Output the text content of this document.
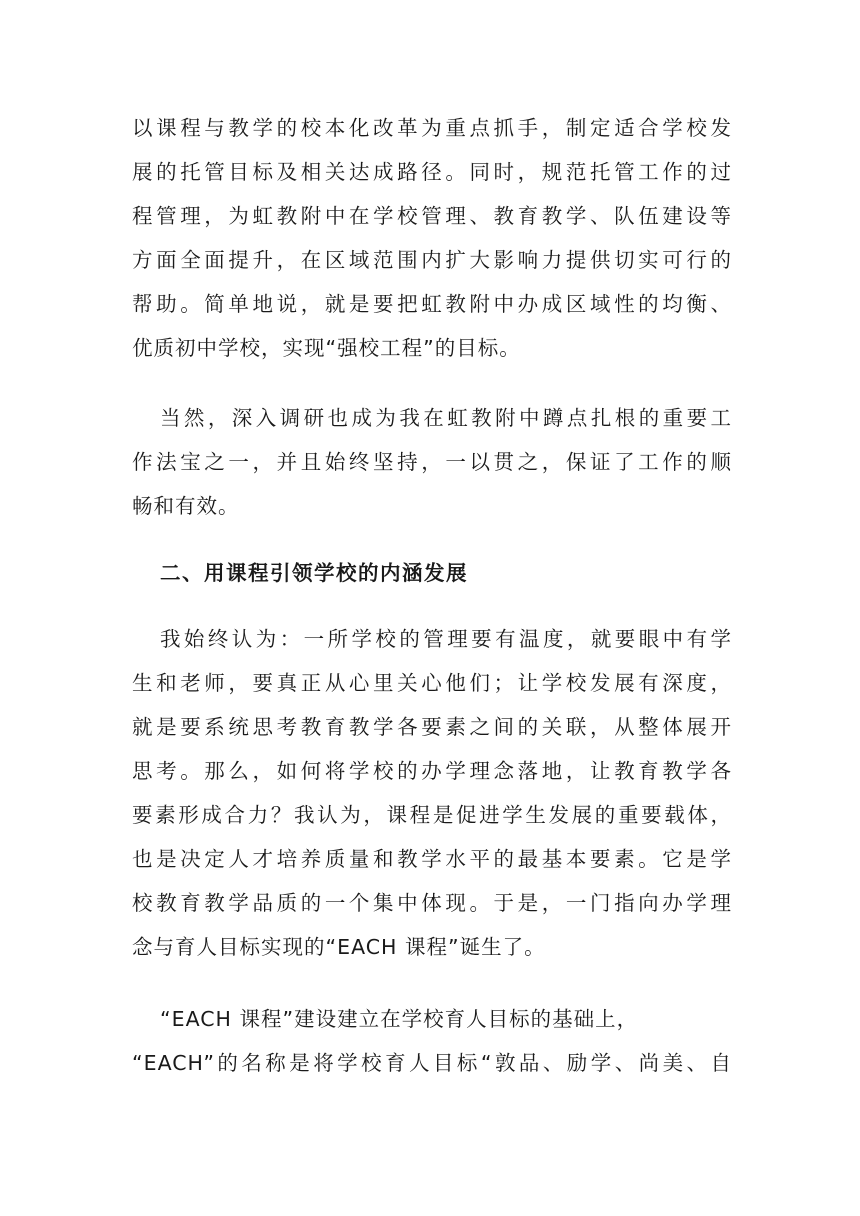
以课程与教学的校本化改革为重点抓手，制定适合学校发
展的托管目标及相关达成路径。同时，规范托管工作的过
程管理，为虹教附中在学校管理、教育教学、队伍建设等
方面全面提升，在区域范围内扩大影响力提供切实可行的
帮助。简单地说，就是要把虹教附中办成区域性的均衡、
优质初中学校，实现“强校工程”的目标。
当然，深入调研也成为我在虹教附中蹲点扎根的重要工
作法宝之一，并且始终坚持，一以贯之，保证了工作的顺
畅和有效。
二、用课程引领学校的内涵发展
我始终认为：一所学校的管理要有温度，就要眼中有学
生和老师，要真正从心里关心他们；让学校发展有深度，
就是要系统思考教育教学各要素之间的关联，从整体展开
思考。那么，如何将学校的办学理念落地，让教育教学各
要素形成合力？我认为，课程是促进学生发展的重要载体，
也是决定人才培养质量和教学水平的最基本要素。它是学
校教育教学品质的一个集中体现。于是，一门指向办学理
念与育人目标实现的“EACH 课程”诞生了。
“EACH 课程”建设建立在学校育人目标的基础上，
“EACH”的名称是将学校育人目标“敦品、励学、尚美、自
